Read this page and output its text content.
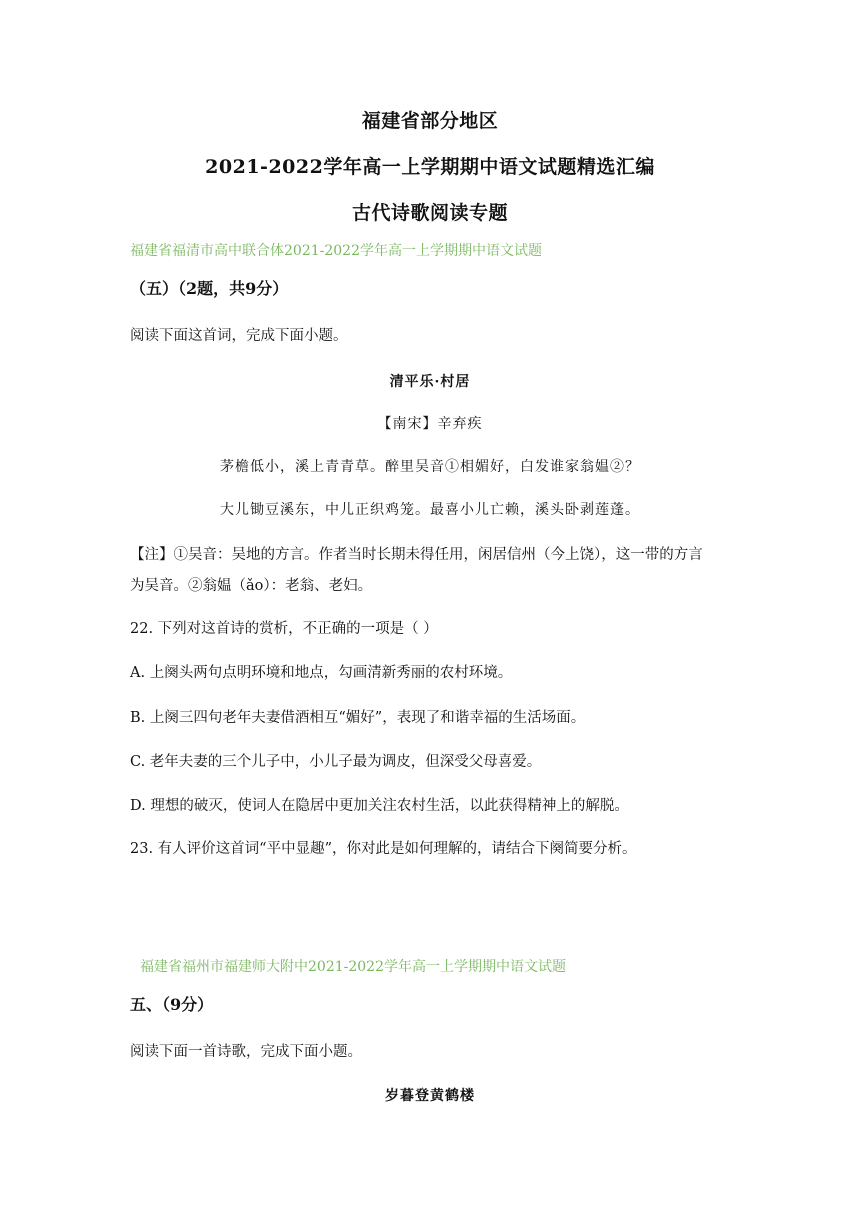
福建省部分地区
2021-2022学年高一上学期期中语文试题精选汇编
古代诗歌阅读专题
福建省福清市高中联合体2021-2022学年高一上学期期中语文试题
（五）（2题，共9分）
阅读下面这首词，完成下面小题。
清平乐·村居
【南宋】辛弃疾
茅檐低小，溪上青青草。醉里吴音①相媚好，白发谁家翁媪②？
大儿锄豆溪东，中儿正织鸡笼。最喜小儿亡赖，溪头卧剥莲蓬。
【注】①吴音：吴地的方言。作者当时长期未得任用，闲居信州（今上饶），这一带的方言
为吴音。②翁媪（ǎo）：老翁、老妇。
22. 下列对这首诗的赏析，不正确的一项是（ ）
A. 上阕头两句点明环境和地点，勾画清新秀丽的农村环境。
B. 上阕三四句老年夫妻借酒相互“媚好”，表现了和谐幸福的生活场面。
C. 老年夫妻的三个儿子中，小儿子最为调皮，但深受父母喜爱。
D. 理想的破灭，使词人在隐居中更加关注农村生活，以此获得精神上的解脱。
23. 有人评价这首词“平中显趣”，你对此是如何理解的，请结合下阕简要分析。
福建省福州市福建师大附中2021-2022学年高一上学期期中语文试题
五、（9分）
阅读下面一首诗歌，完成下面小题。
岁暮登黄鹤楼
